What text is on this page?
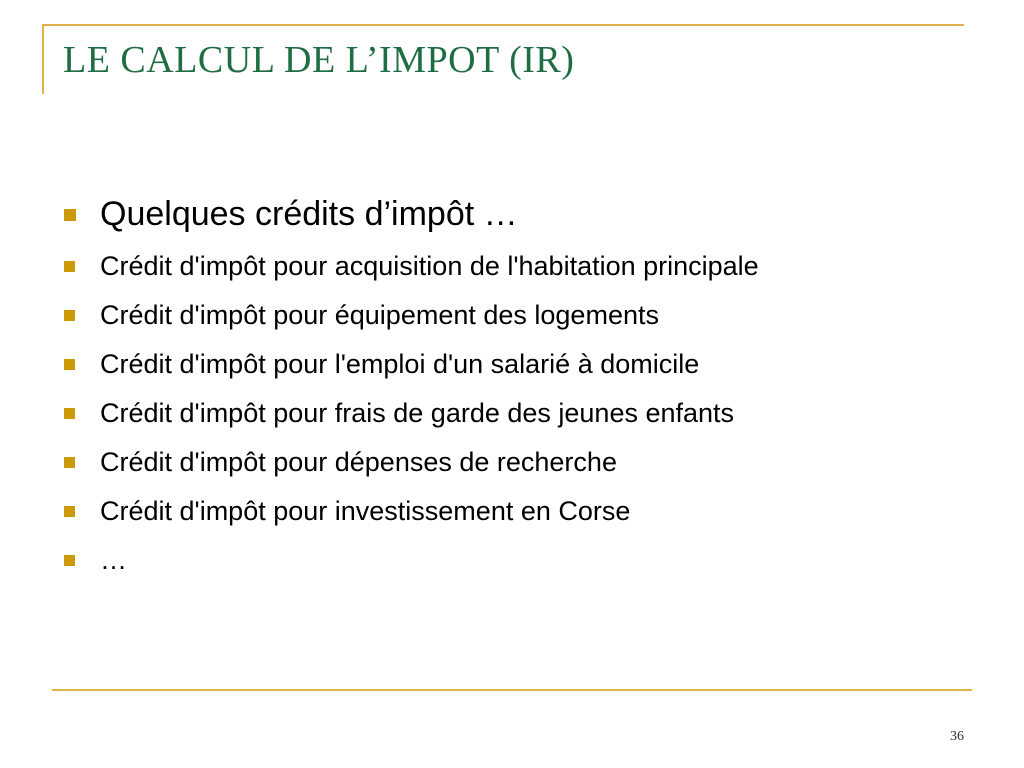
LE CALCUL DE L’IMPOT (IR)
Quelques crédits d’impôt …
Crédit d'impôt pour acquisition de l'habitation principale
Crédit d'impôt pour équipement des logements
Crédit d'impôt pour l'emploi d'un salarié à domicile
Crédit d'impôt pour frais de garde des jeunes enfants
Crédit d'impôt pour dépenses de recherche
Crédit d'impôt pour investissement en Corse
…
36
